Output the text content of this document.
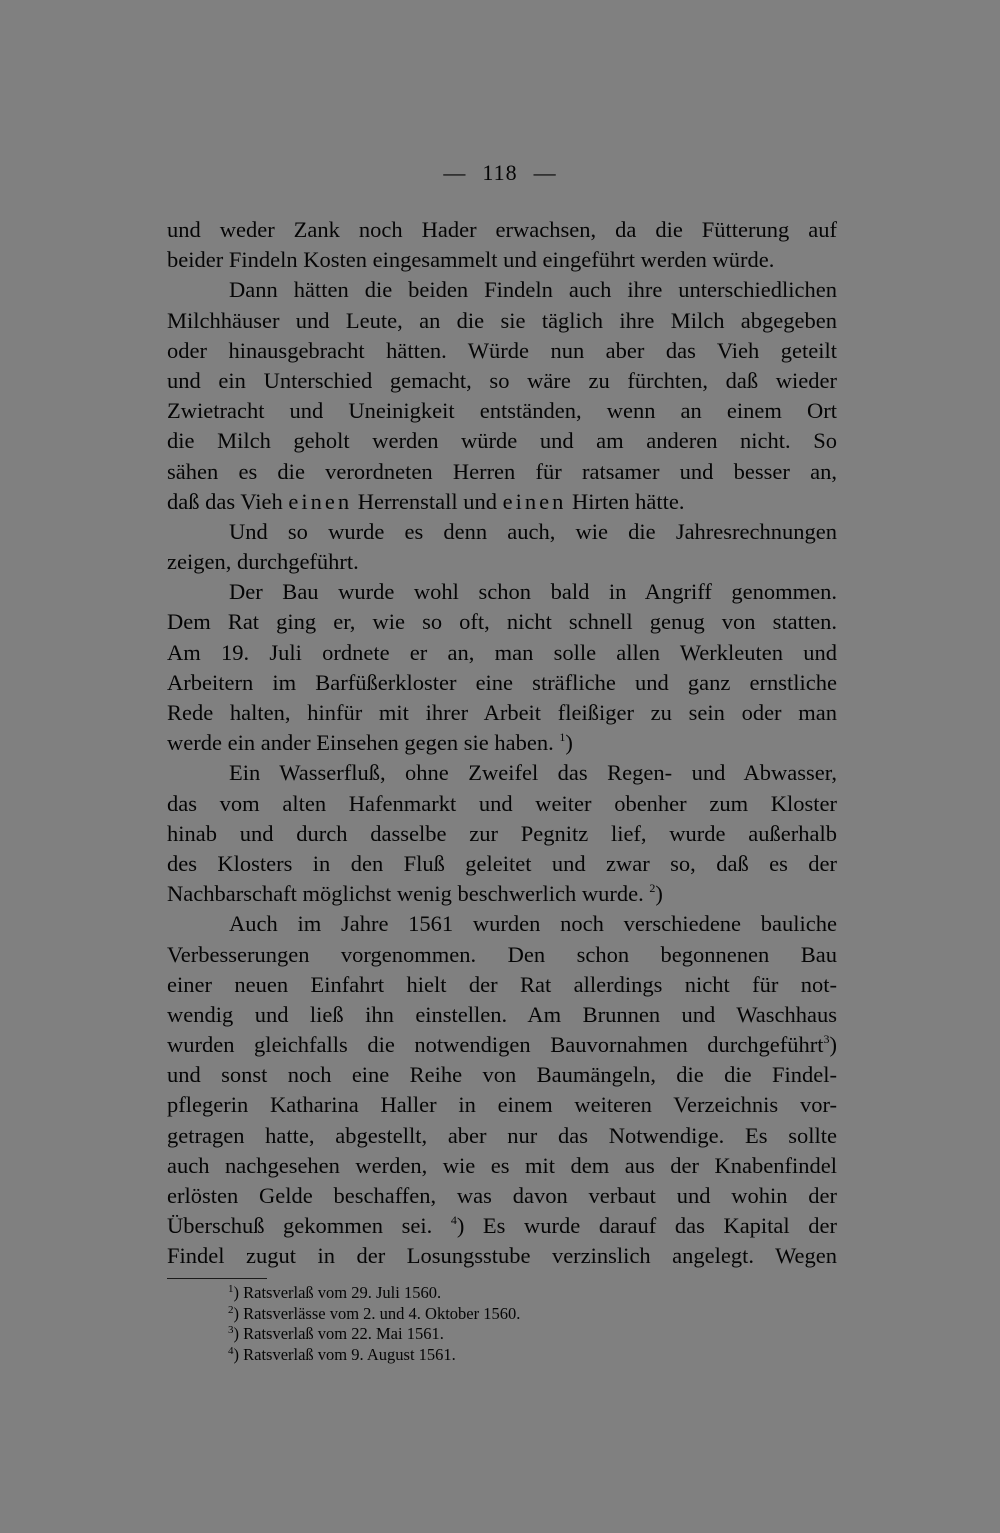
— 118 —
und weder Zank noch Hader erwachsen, da die Fütterung auf
beider Findeln Kosten eingesammelt und eingeführt werden würde.
Dann hätten die beiden Findeln auch ihre unterschiedlichen
Milchhäuser und Leute, an die sie täglich ihre Milch abgegeben
oder hinausgebracht hätten. Würde nun aber das Vieh geteilt
und ein Unterschied gemacht, so wäre zu fürchten, daß wieder
Zwietracht und Uneinigkeit entständen, wenn an einem Ort
die Milch geholt werden würde und am anderen nicht. So
sähen es die verordneten Herren für ratsamer und besser an,
daß das Vieh einen Herrenstall und einen Hirten hätte.
Und so wurde es denn auch, wie die Jahresrechnungen
zeigen, durchgeführt.
Der Bau wurde wohl schon bald in Angriff genommen.
Dem Rat ging er, wie so oft, nicht schnell genug von statten.
Am 19. Juli ordnete er an, man solle allen Werkleuten und
Arbeitern im Barfüßerkloster eine sträfliche und ganz ernstliche
Rede halten, hinfür mit ihrer Arbeit fleißiger zu sein oder man
werde ein ander Einsehen gegen sie haben. $^1$)
Ein Wasserfluß, ohne Zweifel das Regen- und Abwasser,
das vom alten Hafenmarkt und weiter obenher zum Kloster
hinab und durch dasselbe zur Pegnitz lief, wurde außerhalb
des Klosters in den Fluß geleitet und zwar so, daß es der
Nachbarschaft möglichst wenig beschwerlich wurde. $^2$)
Auch im Jahre 1561 wurden noch verschiedene bauliche
Verbesserungen vorgenommen. Den schon begonnenen Bau
einer neuen Einfahrt hielt der Rat allerdings nicht für not-
wendig und ließ ihn einstellen. Am Brunnen und Waschhaus
wurden gleichfalls die notwendigen Bauvornahmen durchgeführt$^3$)
und sonst noch eine Reihe von Baumängeln, die die Findel-
pflegerin Katharina Haller in einem weiteren Verzeichnis vor-
getragen hatte, abgestellt, aber nur das Notwendige. Es sollte
auch nachgesehen werden, wie es mit dem aus der Knabenfindel
erlösten Gelde beschaffen, was davon verbaut und wohin der
Überschuß gekommen sei. $^4$) Es wurde darauf das Kapital der
Findel zugut in der Losungsstube verzinslich angelegt. Wegen
$^1$) Ratsverlaß vom 29. Juli 1560.
$^2$) Ratsverlässe vom 2. und 4. Oktober 1560.
$^3$) Ratsverlaß vom 22. Mai 1561.
$^4$) Ratsverlaß vom 9. August 1561.
